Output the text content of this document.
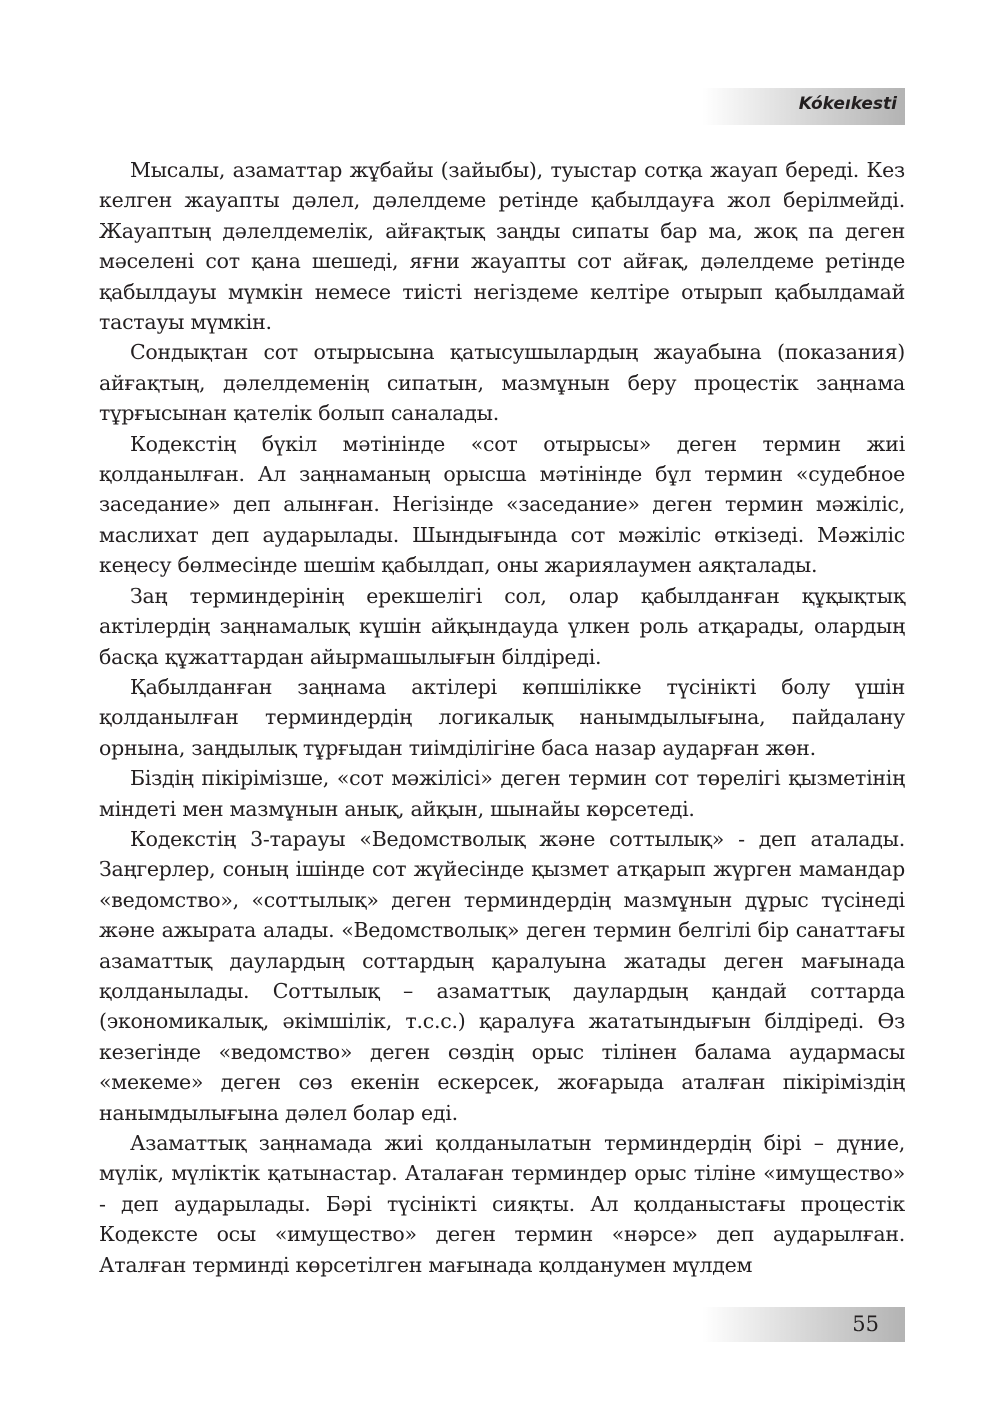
Kókeıkesti

Мысалы, азаматтар жұбайы (зайыбы), туыстар сотқа жауап береді. Кез келген жауапты дәлел, дәлелдеме ретінде қабылдауға жол берілмейді. Жауаптың дәлелдемелік, айғақтық заңды сипаты бар ма, жоқ па деген мәселені сот қана шешеді, яғни жауапты сот айғақ, дәлелдеме ретінде қабылдауы мүмкін немесе тиісті негіздеме келтіре отырып қабылдамай тастауы мүмкін.

Сондықтан сот отырысына қатысушылардың жауабына (показания) айғақтың, дәлелдеменің сипатын, мазмұнын беру процестік заңнама тұрғысынан қателік болып саналады.

Кодекстің бүкіл мәтінінде «сот отырысы» деген термин жиі қолданылған. Ал заңнаманың орысша мәтінінде бұл термин «судебное заседание» деп алынған. Негізінде «заседание» деген термин мәжіліс, маслихат деп аударылады. Шындығында сот мәжіліс өткізеді. Мәжіліс кеңесу бөлмесінде шешім қабылдап, оны жариялаумен аяқталады.

Заң терминдерінің ерекшелігі сол, олар қабылданған құқықтық актілердің заңнамалық күшін айқындауда үлкен роль атқарады, олардың басқа құжаттардан айырмашылығын білдіреді.

Қабылданған заңнама актілері көпшілікке түсінікті болу үшін қолданылған терминдердің логикалық нанымдылығына, пайдалану орнына, заңдылық тұрғыдан тиімділігіне баса назар аударған жөн.

Біздің пікірімізше, «сот мәжілісі» деген термин сот төрелігі қызметінің міндеті мен мазмұнын анық, айқын, шынайы көрсетеді.

Кодекстің 3-тарауы «Ведомстволық және соттылық» - деп аталады. Заңгерлер, соның ішінде сот жүйесінде қызмет атқарып жүрген мамандар «ведомство», «соттылық» деген терминдердің мазмұнын дұрыс түсінеді және ажырата алады. «Ведомстволық» деген термин белгілі бір санаттағы азаматтық даулардың соттардың қаралуына жатады деген мағынада қолданылады. Соттылық – азаматтық даулардың қандай соттарда (экономикалық, әкімшілік, т.с.с.) қаралуға жататындығын білдіреді. Өз кезегінде «ведомство» деген сөздің орыс тілінен балама аудармасы «мекеме» деген сөз екенін ескерсек, жоғарыда аталған пікіріміздің нанымдылығына дәлел болар еді.

Азаматтық заңнамада жиі қолданылатын терминдердің бірі – дүние, мүлік, мүліктік қатынастар. Аталаған терминдер орыс тіліне «имущество» - деп аударылады. Бәрі түсінікті сияқты. Ал қолданыстағы процестік Кодексте осы «имущество» деген термин «нәрсе» деп аударылған. Аталған терминді көрсетілген мағынада қолданумен мүлдем

55
